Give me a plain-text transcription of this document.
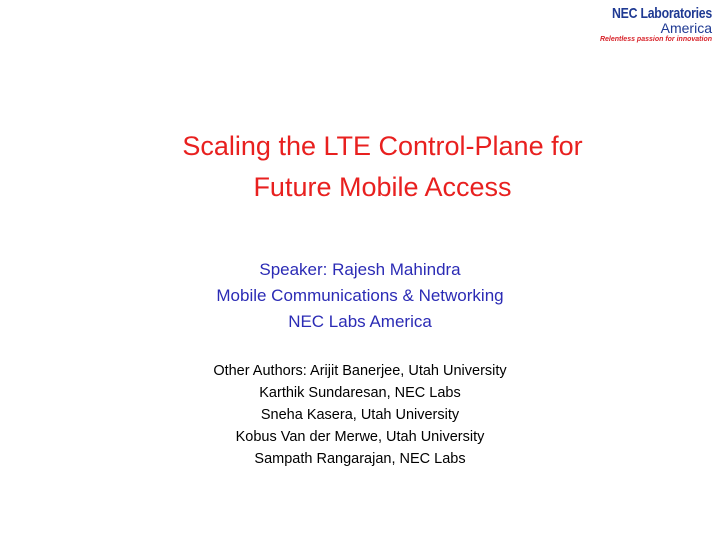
NEC Laboratories
America
Relentless passion for innovation
Scaling the LTE Control-Plane for
Future Mobile Access
Speaker: Rajesh Mahindra
Mobile Communications & Networking
NEC Labs America
Other Authors: Arijit Banerjee, Utah University
Karthik Sundaresan, NEC Labs
Sneha Kasera, Utah University
Kobus Van der Merwe, Utah University
Sampath Rangarajan, NEC Labs
